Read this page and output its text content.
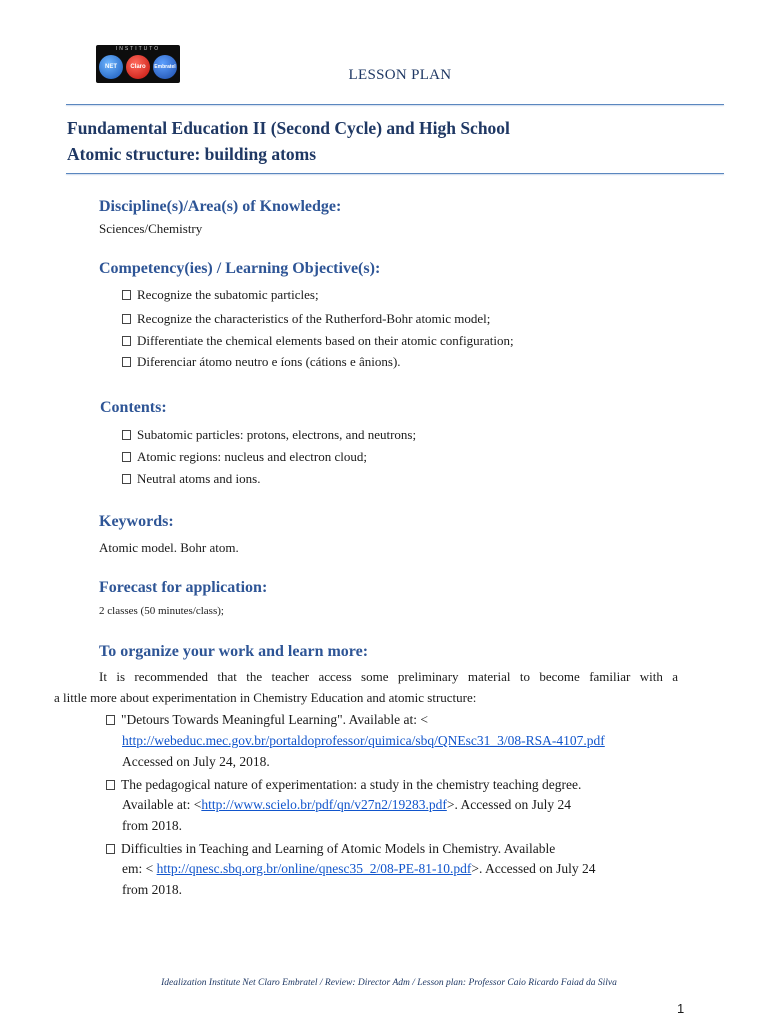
INSTITUTO
NET	Claro	Embratel	LESSON PLAN
Fundamental Education II (Second Cycle) and High School
Atomic structure: building atoms
Discipline(s)/Area(s) of Knowledge:
Sciences/Chemistry
Competency(ies) / Learning Objective(s):
Recognize the subatomic particles;
Recognize the characteristics of the Rutherford-Bohr atomic model;
Differentiate the chemical elements based on their atomic configuration;
Diferenciar átomo neutro e íons (cátions e ânions).
Contents:
Subatomic particles: protons, electrons, and neutrons;
Atomic regions: nucleus and electron cloud;
Neutral atoms and ions.
Keywords:
Atomic model. Bohr atom.
Forecast for application:
2 classes (50 minutes/class);
To organize your work and learn more:
It is recommended that the teacher access some preliminary material to become familiar with a
a little more about experimentation in Chemistry Education and atomic structure:
"Detours Towards Meaningful Learning". Available at: <
http://webeduc.mec.gov.br/portaldoprofessor/quimica/sbq/QNEsc31_3/08-RSA-4107.pdf
Accessed on July 24, 2018.
The pedagogical nature of experimentation: a study in the chemistry teaching degree.
Available at: <http://www.scielo.br/pdf/qn/v27n2/19283.pdf>. Accessed on July 24
from 2018.
Difficulties in Teaching and Learning of Atomic Models in Chemistry. Available
em: < http://qnesc.sbq.org.br/online/qnesc35_2/08-PE-81-10.pdf>. Accessed on July 24
from 2018.
Idealization Institute Net Claro Embratel / Review: Director Adm / Lesson plan: Professor Caio Ricardo Faiad da Silva
1
